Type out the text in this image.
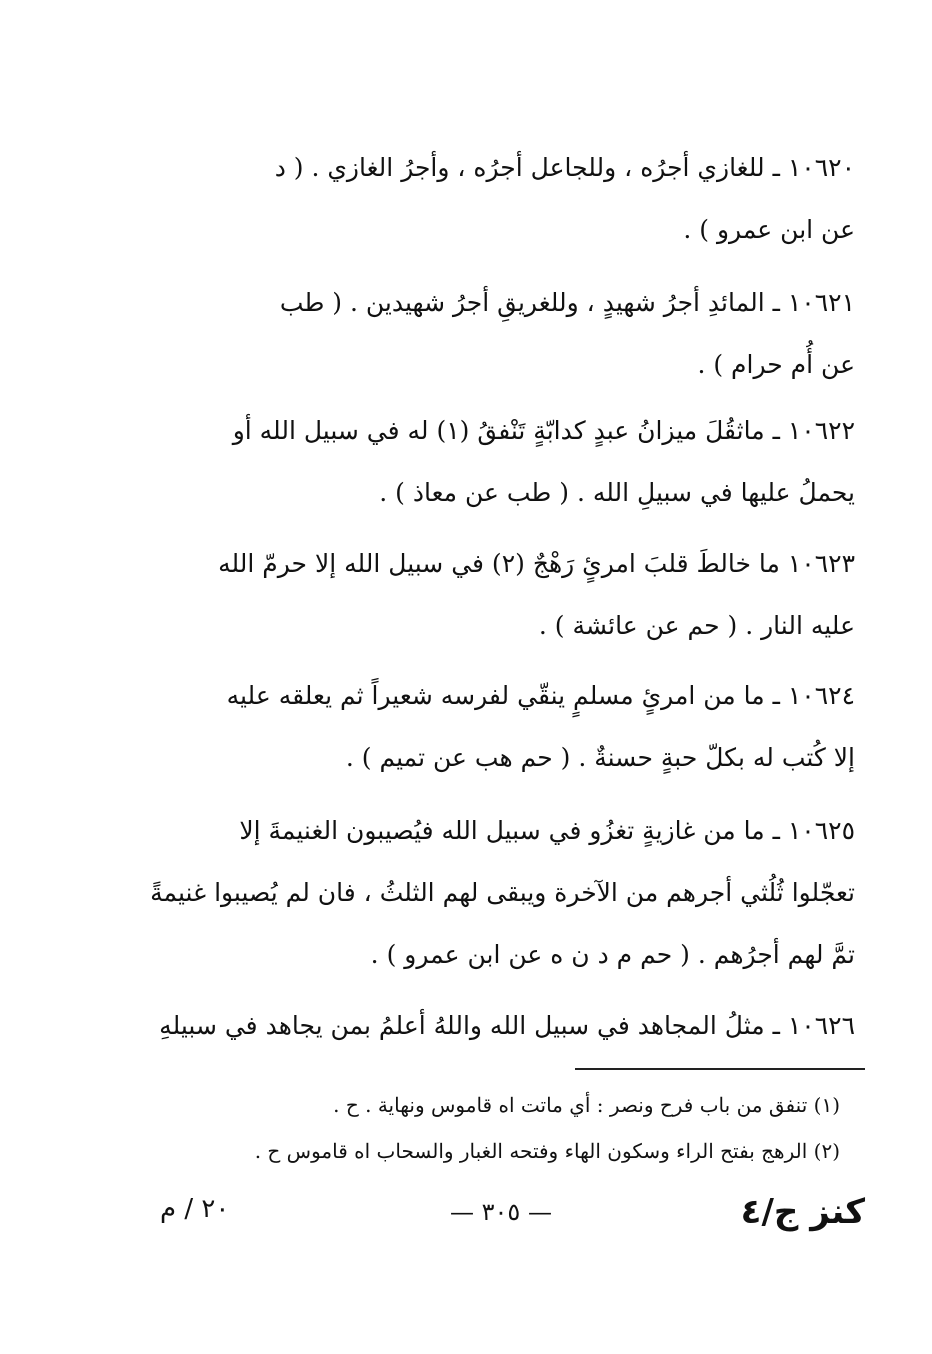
١٠٦٢٠ ـ للغازي أجرُه ، وللجاعل أجرُه ، وأجرُ الغازي . ( د
عن ابن عمرو ) .
١٠٦٢١ ـ المائدِ أجرُ شهيدٍ ، وللغريقِ أجرُ شهيدين . ( طب
عن أُم حرام ) .
١٠٦٢٢ ـ ماثقُلَ ميزانُ عبدٍ كدابّةٍ تَنْفقُ (١) له في سبيل الله أو
يحملُ عليها في سبيلِ الله . ( طب عن معاذ ) .
١٠٦٢٣ ما خالطَ قلبَ امرئٍ رَهْجٌ (٢) في سبيل الله إلا حرمّ الله
عليه النار . ( حم عن عائشة ) .
١٠٦٢٤ ـ ما من امرئٍ مسلمٍ ينقّي لفرسه شعيراً ثم يعلقه عليه
إلا كُتب له بكلّ حبةٍ حسنةٌ . ( حم هب عن تميم ) .
١٠٦٢٥ ـ ما من غازيةٍ تغزُو في سبيل الله فيُصيبون الغنيمةَ إلا
تعجّلوا ثُلُثي أجرهم من الآخرة ويبقى لهم الثلثُ ، فان لم يُصيبوا غنيمةً
تمَّ لهم أجرُهم . ( حم م د ن ه عن ابن عمرو ) .
١٠٦٢٦ ـ مثلُ المجاهد في سبيل الله واللهُ أعلمُ بمن يجاهد في سبيلهِ
(١) تنفق من باب فرح ونصر : أي ماتت اه قاموس ونهاية . ح .
(٢) الرهج بفتح الراء وسكون الهاء وفتحه الغبار والسحاب اه قاموس ح .
كنز ج/٤
— ٣٠٥ —
٢٠ / م
